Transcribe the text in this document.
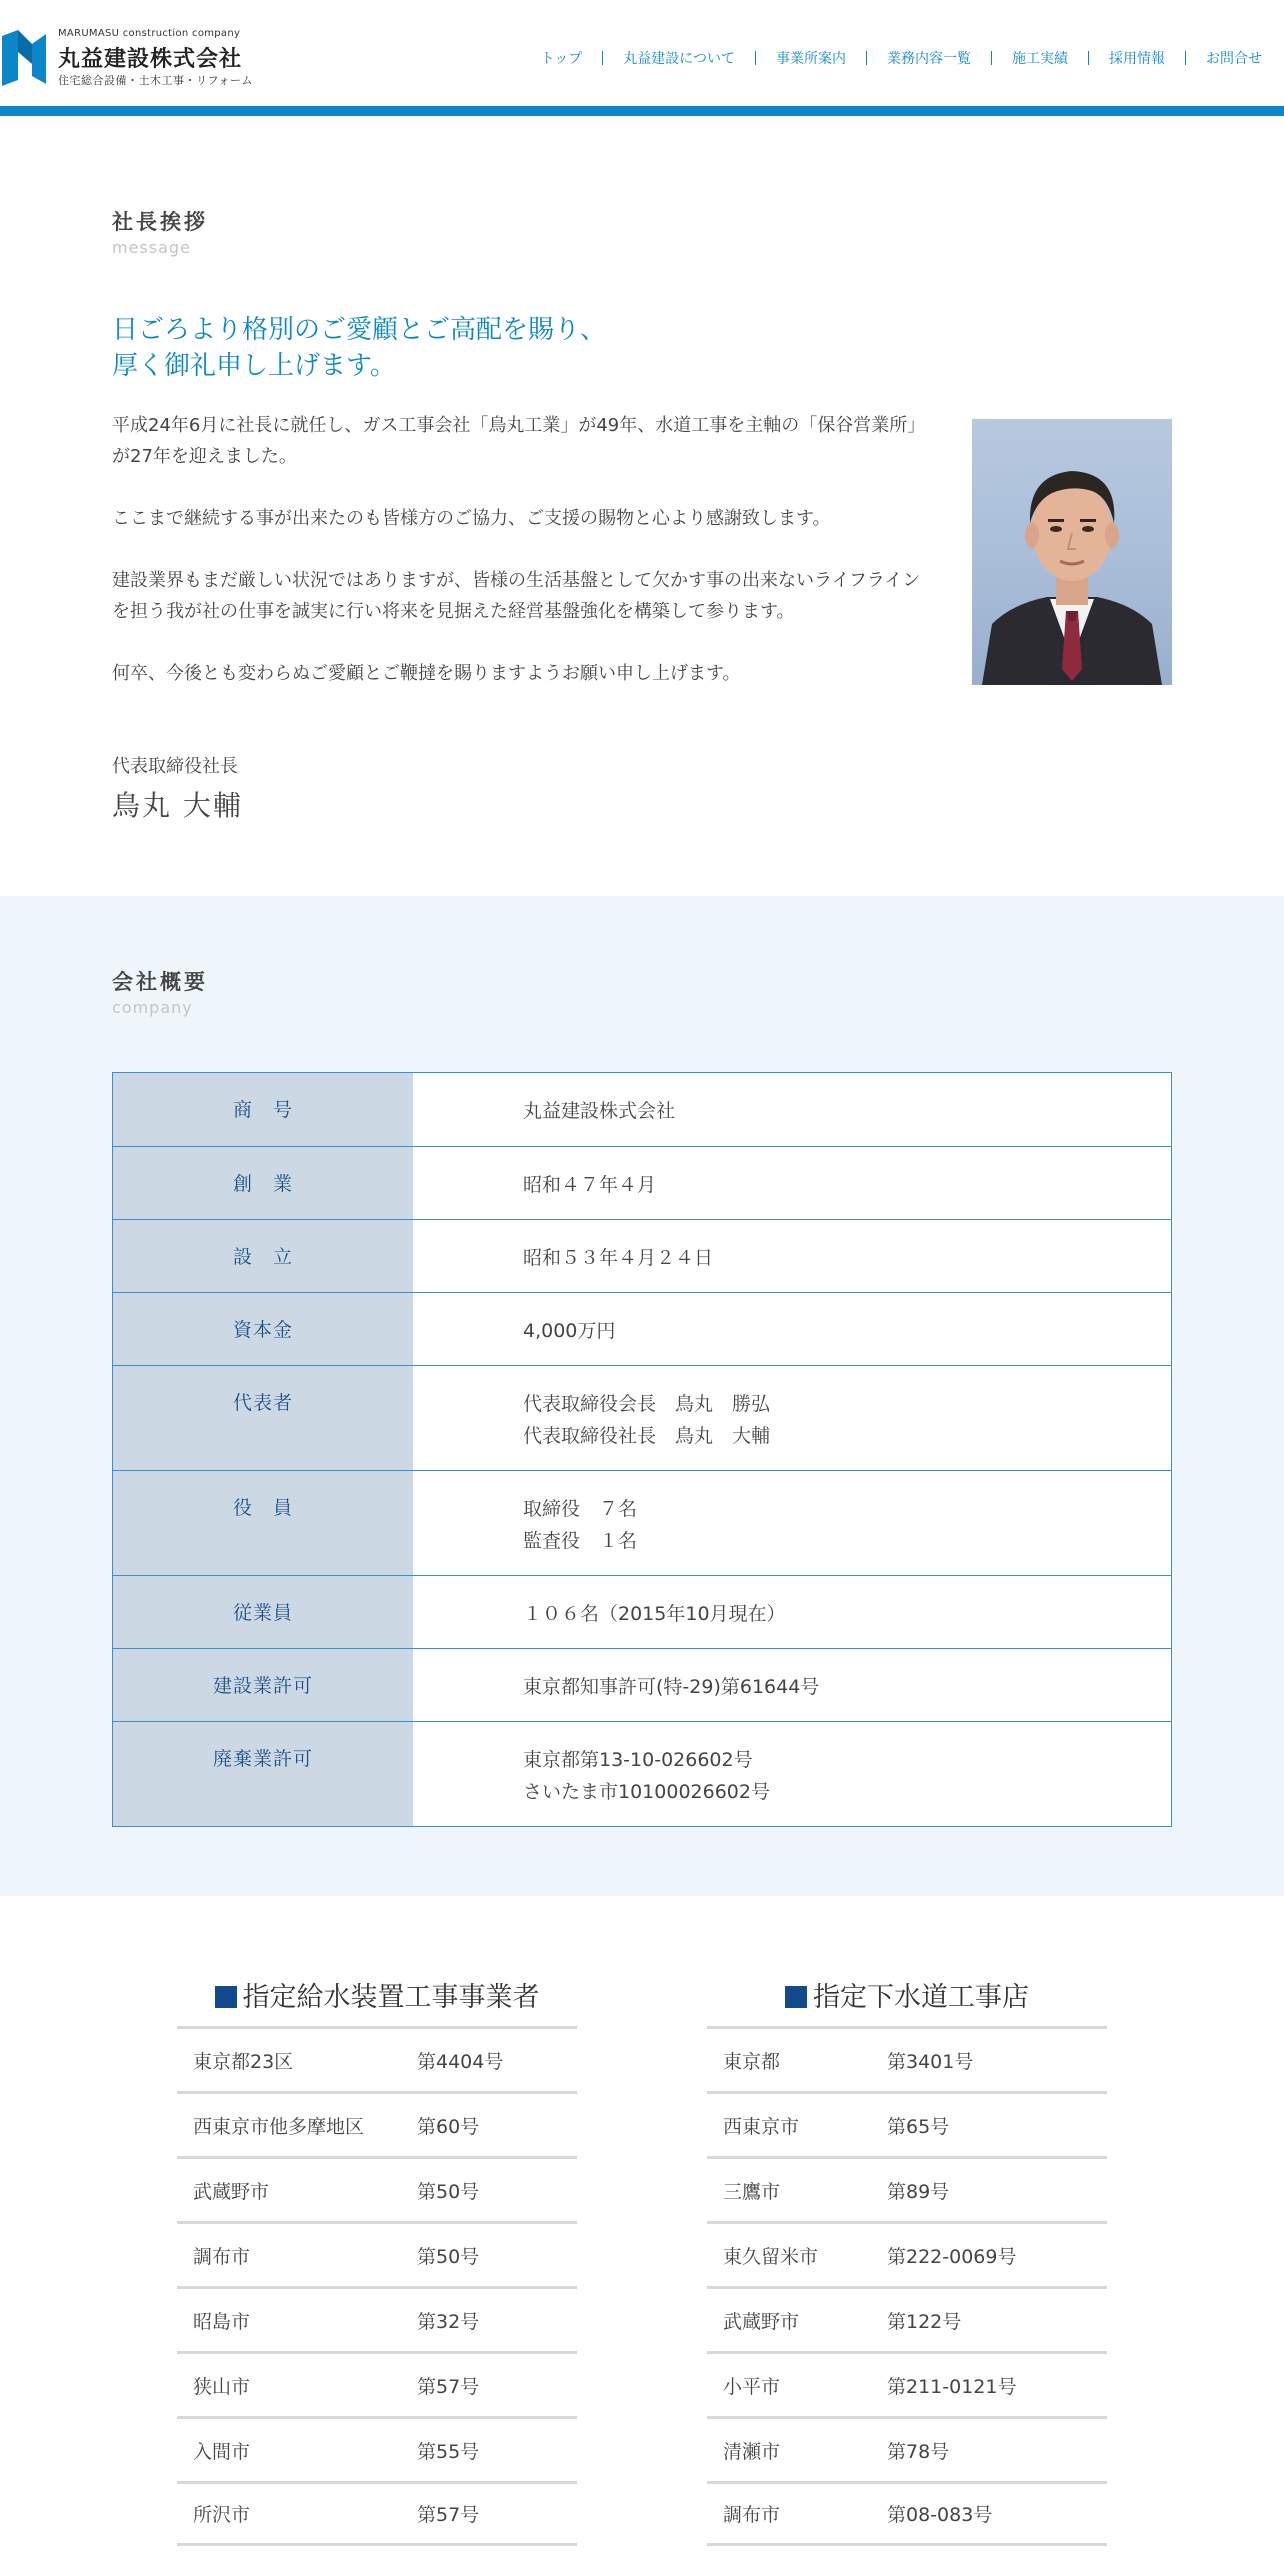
MARUMASU construction company
丸益建設株式会社
住宅総合設備・土木工事・リフォーム
トップ	丸益建設について	事業所案内	業務内容一覧	施工実績	採用情報	お問合せ
社長挨拶
message
日ごろより格別のご愛顧とご高配を賜り、
厚く御礼申し上げます。

平成24年6月に社長に就任し、ガス工事会社「鳥丸工業」が49年、水道工事を主軸の「保谷営業所」が27年を迎えました。

ここまで継続する事が出来たのも皆様方のご協力、ご支援の賜物と心より感謝致します。

建設業界もまだ厳しい状況ではありますが、皆様の生活基盤として欠かす事の出来ないライフラインを担う我が社の仕事を誠実に行い将来を見据えた経営基盤強化を構築して参ります。

何卒、今後とも変わらぬご愛顧とご鞭撻を賜りますようお願い申し上げます。

代表取締役社長
鳥丸 大輔
会社概要
company
商　号	丸益建設株式会社
創　業	昭和４７年４月
設　立	昭和５３年４月２４日
資本金	4,000万円
代表者	代表取締役会長　鳥丸　勝弘
代表取締役社長　鳥丸　大輔
役　員	取締役　７名
監査役　１名
従業員	１０６名（2015年10月現在）
建設業許可	東京都知事許可(特-29)第61644号
廃棄業許可	東京都第13-10-026602号
さいたま市10100026602号
指定給水装置工事事業者
東京都23区	第4404号
西東京市他多摩地区	第60号
武蔵野市	第50号
調布市	第50号
昭島市	第32号
狭山市	第57号
入間市	第55号
所沢市	第57号
指定下水道工事店
東京都	第3401号
西東京市	第65号
三鷹市	第89号
東久留米市	第222-0069号
武蔵野市	第122号
小平市	第211-0121号
清瀬市	第78号
調布市	第08-083号
